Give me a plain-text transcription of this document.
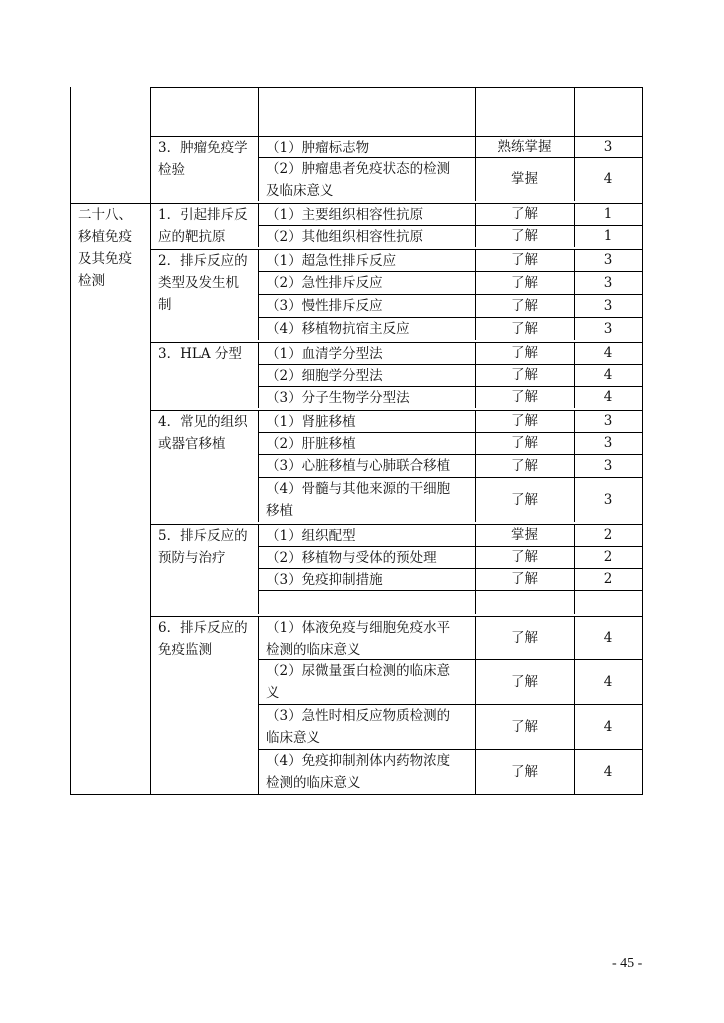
二十八、
移植免疫
及其免疫
检测
3．肿瘤免疫学
检验
（1）肿瘤标志物	熟练掌握	3
（2）肿瘤患者免疫状态的检测
及临床意义
掌握	4
1．引起排斥反
应的靶抗原
（1）主要组织相容性抗原	了解	1
（2）其他组织相容性抗原	了解	1
2．排斥反应的
类型及发生机
制
（1）超急性排斥反应	了解	3
（2）急性排斥反应	了解	3
（3）慢性排斥反应	了解	3
（4）移植物抗宿主反应	了解	3
3．HLA 分型	（1）血清学分型法	了解	4
（2）细胞学分型法	了解	4
（3）分子生物学分型法	了解	4
4．常见的组织
或器官移植
（1）肾脏移植	了解	3
（2）肝脏移植	了解	3
（3）心脏移植与心肺联合移植	了解	3
（4）骨髓与其他来源的干细胞
移植
了解	3
5．排斥反应的
预防与治疗
（1）组织配型	掌握	2
（2）移植物与受体的预处理	了解	2
（3）免疫抑制措施	了解	2
6．排斥反应的
免疫监测
（1）体液免疫与细胞免疫水平
检测的临床意义
了解	4
（2）尿微量蛋白检测的临床意
义
了解	4
（3）急性时相反应物质检测的
临床意义
了解	4
（4）免疫抑制剂体内药物浓度
检测的临床意义
了解	4
- 45 -
